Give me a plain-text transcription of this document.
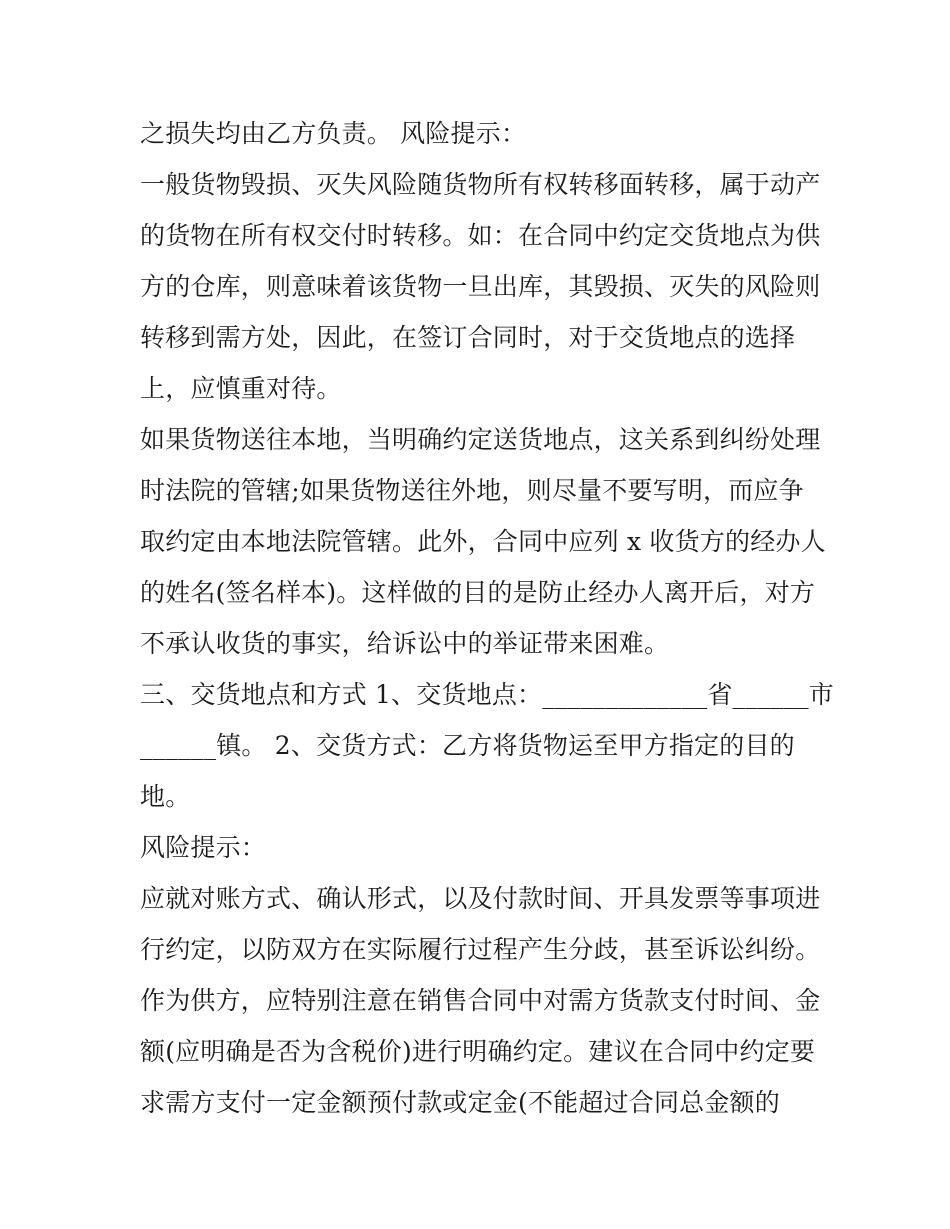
之损失均由乙方负责。 风险提示：
一般货物毁损、灭失风险随货物所有权转移面转移，属于动产
的货物在所有权交付时转移。如：在合同中约定交货地点为供
方的仓库，则意味着该货物一旦出库，其毁损、灭失的风险则
转移到需方处，因此，在签订合同时，对于交货地点的选择
上，应慎重对待。
如果货物送往本地，当明确约定送货地点，这关系到纠纷处理
时法院的管辖;如果货物送往外地，则尽量不要写明，而应争
取约定由本地法院管辖。此外，合同中应列 x 收货方的经办人
的姓名(签名样本)。这样做的目的是防止经办人离开后，对方
不承认收货的事实，给诉讼中的举证带来困难。
三、交货地点和方式 1、交货地点：_____________省______市
______镇。 2、交货方式：乙方将货物运至甲方指定的目的
地。
风险提示：
应就对账方式、确认形式，以及付款时间、开具发票等事项进
行约定，以防双方在实际履行过程产生分歧，甚至诉讼纠纷。
作为供方，应特别注意在销售合同中对需方货款支付时间、金
额(应明确是否为含税价)进行明确约定。建议在合同中约定要
求需方支付一定金额预付款或定金(不能超过合同总金额的
